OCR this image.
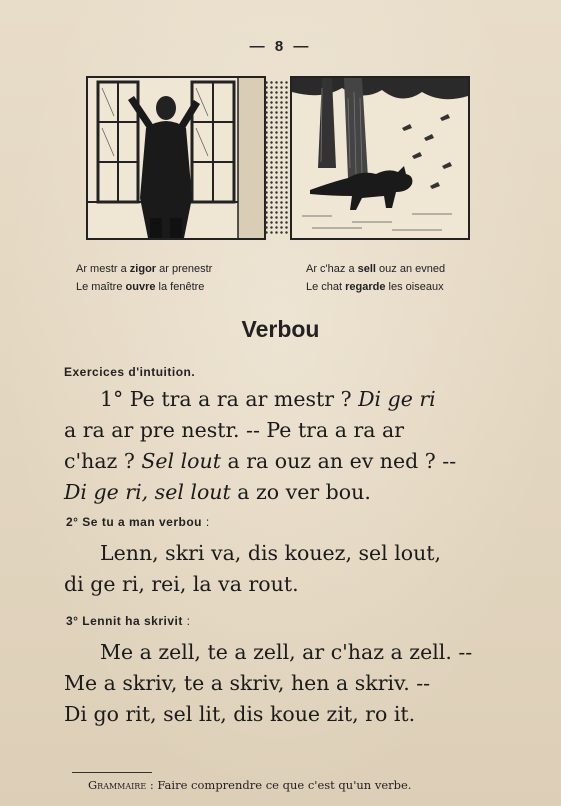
— 8 —
Ar mestr a zigor ar prenestr
Le maître ouvre la fenêtre
Ar c'haz a sell ouz an evned
Le chat regarde les oiseaux
Verbou
Exercices d'intuition.
1° Pe tra a ra ar mestr ? Di ge ri
a ra ar pre nestr. -- Pe tra a ra ar
c'haz ? Sel lout a ra ouz an ev ned ? --
Di ge ri, sel lout a zo ver bou.
2° Se tu a man verbou :
Lenn, skri va, dis kouez, sel lout,
di ge ri, rei, la va rout.
3° Lennit ha skrivit :
Me a zell, te a zell, ar c'haz a zell. --
Me a skriv, te a skriv, hen a skriv. --
Di go rit, sel lit, dis koue zit, ro it.
Grammaire : Faire comprendre ce que c'est qu'un verbe.
